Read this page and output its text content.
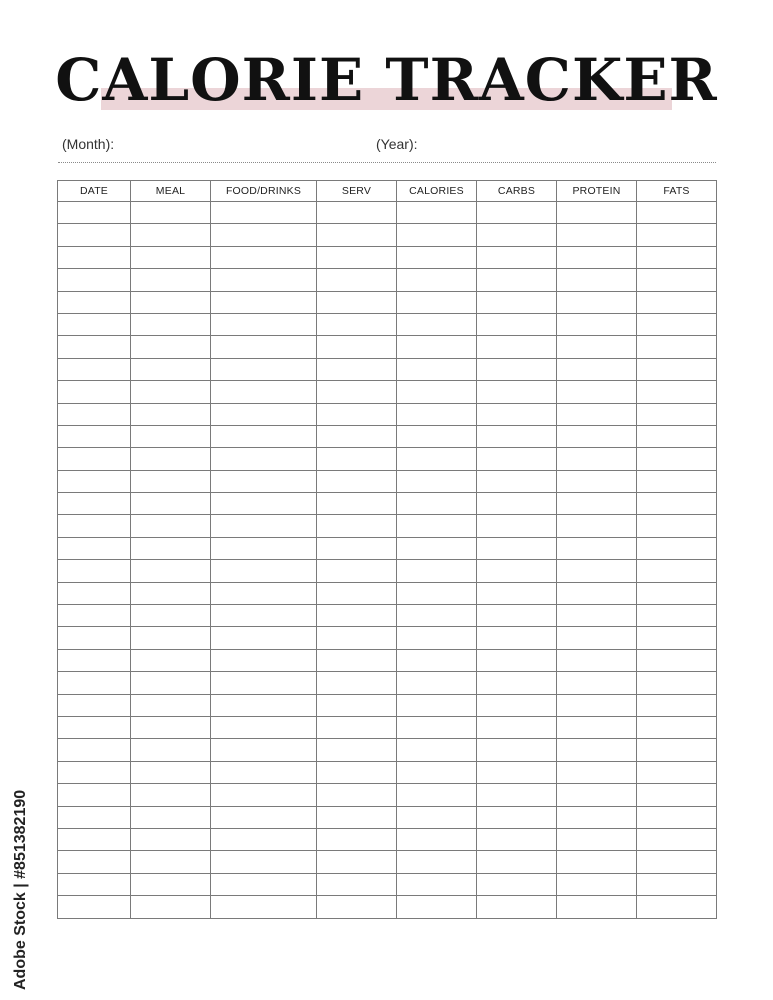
CALORIE TRACKER
(Month):	(Year):
DATE	MEAL	FOOD/DRINKS	SERV	CALORIES	CARBS	PROTEIN	FATS

Adobe Stock | #851382190
